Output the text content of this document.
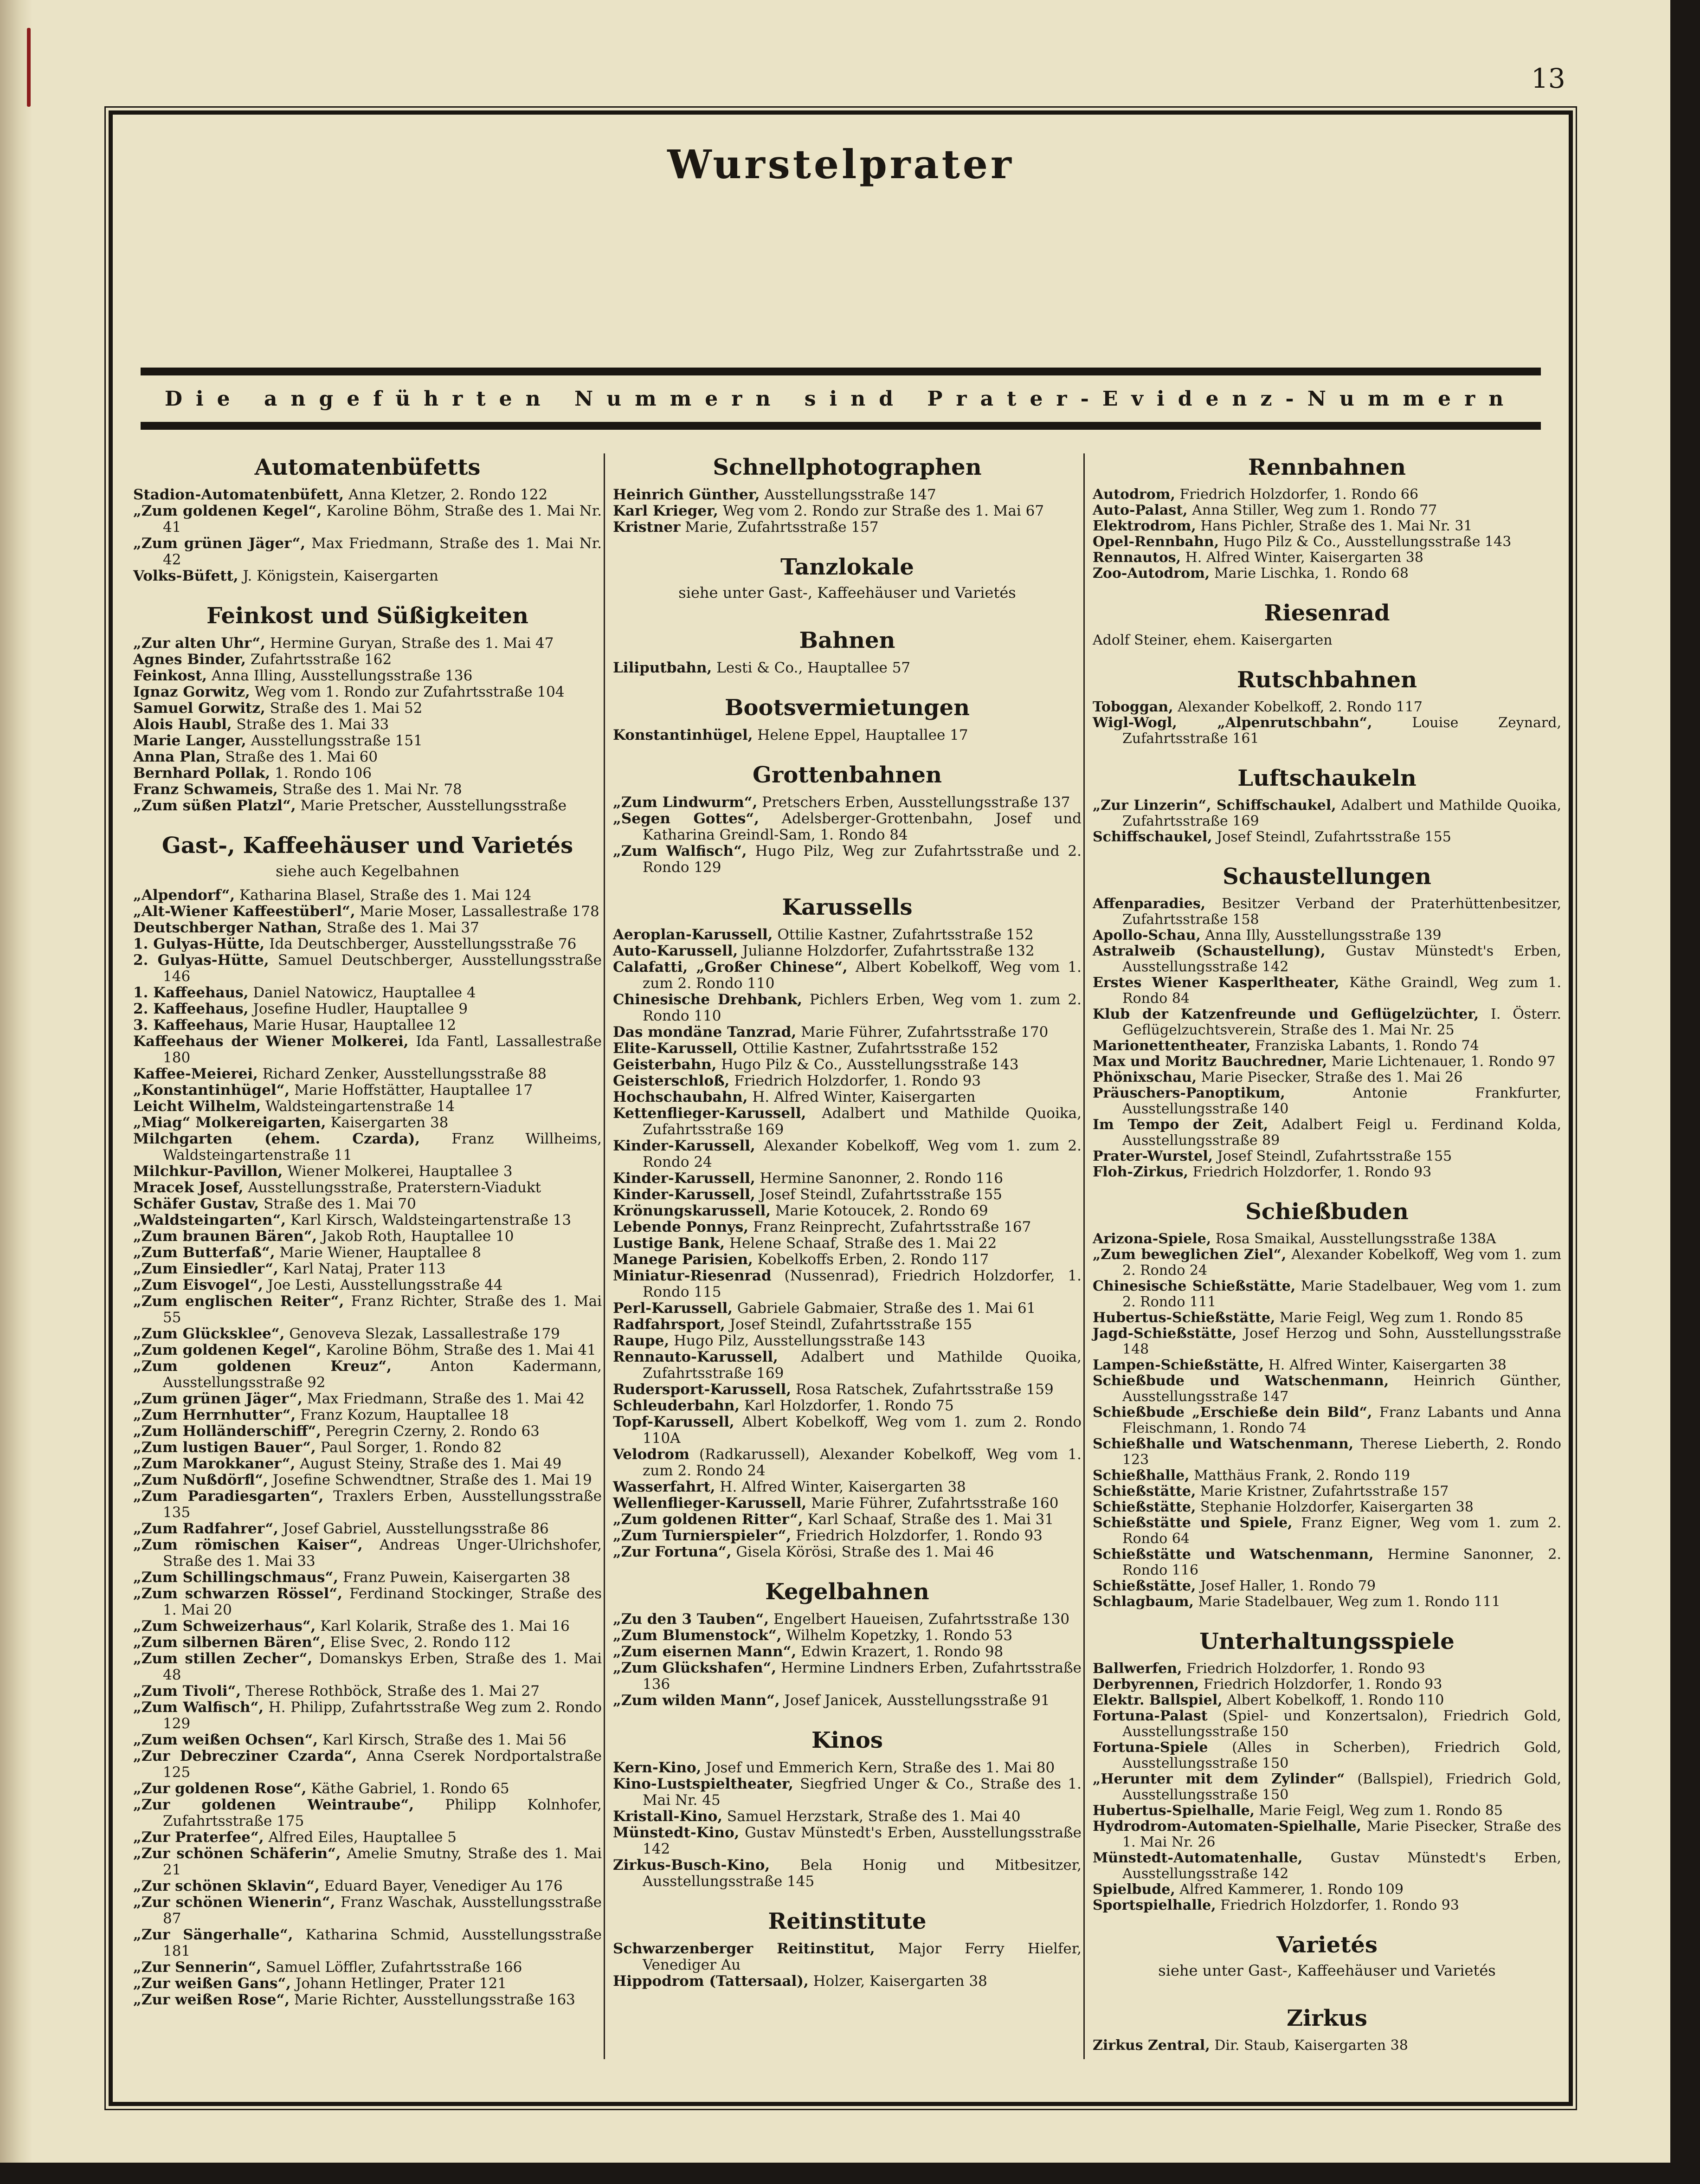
13
Wurstelprater
Die angeführten Nummern sind Prater-Evidenz-Nummern
Automatenbüfetts
Stadion-Automatenbüfett, Anna Kletzer, 2. Rondo 122
„Zum goldenen Kegel“, Karoline Böhm, Straße des 1. Mai Nr. 41
„Zum grünen Jäger“, Max Friedmann, Straße des 1. Mai Nr. 42
Volks-Büfett, J. Königstein, Kaisergarten
Feinkost und Süßigkeiten
„Zur alten Uhr“, Hermine Guryan, Straße des 1. Mai 47
Agnes Binder, Zufahrtsstraße 162
Feinkost, Anna Illing, Ausstellungsstraße 136
Ignaz Gorwitz, Weg vom 1. Rondo zur Zufahrtsstraße 104
Samuel Gorwitz, Straße des 1. Mai 52
Alois Haubl, Straße des 1. Mai 33
Marie Langer, Ausstellungsstraße 151
Anna Plan, Straße des 1. Mai 60
Bernhard Pollak, 1. Rondo 106
Franz Schwameis, Straße des 1. Mai Nr. 78
„Zum süßen Platzl“, Marie Pretscher, Ausstellungsstraße
Gast-, Kaffeehäuser und Varietés
siehe auch Kegelbahnen
„Alpendorf“, Katharina Blasel, Straße des 1. Mai 124
„Alt-Wiener Kaffeestüberl“, Marie Moser, Lassallestraße 178
Deutschberger Nathan, Straße des 1. Mai 37
1. Gulyas-Hütte, Ida Deutschberger, Ausstellungsstraße 76
2. Gulyas-Hütte, Samuel Deutschberger, Ausstellungsstraße 146
1. Kaffeehaus, Daniel Natowicz, Hauptallee 4
2. Kaffeehaus, Josefine Hudler, Hauptallee 9
3. Kaffeehaus, Marie Husar, Hauptallee 12
Kaffeehaus der Wiener Molkerei, Ida Fantl, Lassallestraße 180
Kaffee-Meierei, Richard Zenker, Ausstellungsstraße 88
„Konstantinhügel“, Marie Hoffstätter, Hauptallee 17
Leicht Wilhelm, Waldsteingartenstraße 14
„Miag“ Molkereigarten, Kaisergarten 38
Milchgarten (ehem. Czarda), Franz Willheims, Waldsteingartenstraße 11
Milchkur-Pavillon, Wiener Molkerei, Hauptallee 3
Mracek Josef, Ausstellungsstraße, Praterstern-Viadukt
Schäfer Gustav, Straße des 1. Mai 70
„Waldsteingarten“, Karl Kirsch, Waldsteingartenstraße 13
„Zum braunen Bären“, Jakob Roth, Hauptallee 10
„Zum Butterfaß“, Marie Wiener, Hauptallee 8
„Zum Einsiedler“, Karl Nataj, Prater 113
„Zum Eisvogel“, Joe Lesti, Ausstellungsstraße 44
„Zum englischen Reiter“, Franz Richter, Straße des 1. Mai 55
„Zum Glücksklee“, Genoveva Slezak, Lassallestraße 179
„Zum goldenen Kegel“, Karoline Böhm, Straße des 1. Mai 41
„Zum goldenen Kreuz“, Anton Kadermann, Ausstellungsstraße 92
„Zum grünen Jäger“, Max Friedmann, Straße des 1. Mai 42
„Zum Herrnhutter“, Franz Kozum, Hauptallee 18
„Zum Holländerschiff“, Peregrin Czerny, 2. Rondo 63
„Zum lustigen Bauer“, Paul Sorger, 1. Rondo 82
„Zum Marokkaner“, August Steiny, Straße des 1. Mai 49
„Zum Nußdörfl“, Josefine Schwendtner, Straße des 1. Mai 19
„Zum Paradiesgarten“, Traxlers Erben, Ausstellungsstraße 135
„Zum Radfahrer“, Josef Gabriel, Ausstellungsstraße 86
„Zum römischen Kaiser“, Andreas Unger-Ulrichshofer, Straße des 1. Mai 33
„Zum Schillingschmaus“, Franz Puwein, Kaisergarten 38
„Zum schwarzen Rössel“, Ferdinand Stockinger, Straße des 1. Mai 20
„Zum Schweizerhaus“, Karl Kolarik, Straße des 1. Mai 16
„Zum silbernen Bären“, Elise Svec, 2. Rondo 112
„Zum stillen Zecher“, Domanskys Erben, Straße des 1. Mai 48
„Zum Tivoli“, Therese Rothböck, Straße des 1. Mai 27
„Zum Walfisch“, H. Philipp, Zufahrtsstraße Weg zum 2. Rondo 129
„Zum weißen Ochsen“, Karl Kirsch, Straße des 1. Mai 56
„Zur Debrecziner Czarda“, Anna Cserek Nordportalstraße 125
„Zur goldenen Rose“, Käthe Gabriel, 1. Rondo 65
„Zur goldenen Weintraube“, Philipp Kolnhofer, Zufahrtsstraße 175
„Zur Praterfee“, Alfred Eiles, Hauptallee 5
„Zur schönen Schäferin“, Amelie Smutny, Straße des 1. Mai 21
„Zur schönen Sklavin“, Eduard Bayer, Venediger Au 176
„Zur schönen Wienerin“, Franz Waschak, Ausstellungsstraße 87
„Zur Sängerhalle“, Katharina Schmid, Ausstellungsstraße 181
„Zur Sennerin“, Samuel Löffler, Zufahrtsstraße 166
„Zur weißen Gans“, Johann Hetlinger, Prater 121
„Zur weißen Rose“, Marie Richter, Ausstellungsstraße 163
Schnellphotographen
Heinrich Günther, Ausstellungsstraße 147
Karl Krieger, Weg vom 2. Rondo zur Straße des 1. Mai 67
Kristner Marie, Zufahrtsstraße 157
Tanzlokale
siehe unter Gast-, Kaffeehäuser und Varietés
Bahnen
Liliputbahn, Lesti & Co., Hauptallee 57
Bootsvermietungen
Konstantinhügel, Helene Eppel, Hauptallee 17
Grottenbahnen
„Zum Lindwurm“, Pretschers Erben, Ausstellungsstraße 137
„Segen Gottes“, Adelsberger-Grottenbahn, Josef und Katharina Greindl-Sam, 1. Rondo 84
„Zum Walfisch“, Hugo Pilz, Weg zur Zufahrtsstraße und 2. Rondo 129
Karussells
Aeroplan-Karussell, Ottilie Kastner, Zufahrtsstraße 152
Auto-Karussell, Julianne Holzdorfer, Zufahrtsstraße 132
Calafatti, „Großer Chinese“, Albert Kobelkoff, Weg vom 1. zum 2. Rondo 110
Chinesische Drehbank, Pichlers Erben, Weg vom 1. zum 2. Rondo 110
Das mondäne Tanzrad, Marie Führer, Zufahrtsstraße 170
Elite-Karussell, Ottilie Kastner, Zufahrtsstraße 152
Geisterbahn, Hugo Pilz & Co., Ausstellungsstraße 143
Geisterschloß, Friedrich Holzdorfer, 1. Rondo 93
Hochschaubahn, H. Alfred Winter, Kaisergarten
Kettenflieger-Karussell, Adalbert und Mathilde Quoika, Zufahrtsstraße 169
Kinder-Karussell, Alexander Kobelkoff, Weg vom 1. zum 2. Rondo 24
Kinder-Karussell, Hermine Sanonner, 2. Rondo 116
Kinder-Karussell, Josef Steindl, Zufahrtsstraße 155
Krönungskarussell, Marie Kotoucek, 2. Rondo 69
Lebende Ponnys, Franz Reinprecht, Zufahrtsstraße 167
Lustige Bank, Helene Schaaf, Straße des 1. Mai 22
Manege Parisien, Kobelkoffs Erben, 2. Rondo 117
Miniatur-Riesenrad (Nussenrad), Friedrich Holzdorfer, 1. Rondo 115
Perl-Karussell, Gabriele Gabmaier, Straße des 1. Mai 61
Radfahrsport, Josef Steindl, Zufahrtsstraße 155
Raupe, Hugo Pilz, Ausstellungsstraße 143
Rennauto-Karussell, Adalbert und Mathilde Quoika, Zufahrtsstraße 169
Rudersport-Karussell, Rosa Ratschek, Zufahrtsstraße 159
Schleuderbahn, Karl Holzdorfer, 1. Rondo 75
Topf-Karussell, Albert Kobelkoff, Weg vom 1. zum 2. Rondo 110A
Velodrom (Radkarussell), Alexander Kobelkoff, Weg vom 1. zum 2. Rondo 24
Wasserfahrt, H. Alfred Winter, Kaisergarten 38
Wellenflieger-Karussell, Marie Führer, Zufahrtsstraße 160
„Zum goldenen Ritter“, Karl Schaaf, Straße des 1. Mai 31
„Zum Turnierspieler“, Friedrich Holzdorfer, 1. Rondo 93
„Zur Fortuna“, Gisela Körösi, Straße des 1. Mai 46
Kegelbahnen
„Zu den 3 Tauben“, Engelbert Haueisen, Zufahrtsstraße 130
„Zum Blumenstock“, Wilhelm Kopetzky, 1. Rondo 53
„Zum eisernen Mann“, Edwin Krazert, 1. Rondo 98
„Zum Glückshafen“, Hermine Lindners Erben, Zufahrtsstraße 136
„Zum wilden Mann“, Josef Janicek, Ausstellungsstraße 91
Kinos
Kern-Kino, Josef und Emmerich Kern, Straße des 1. Mai 80
Kino-Lustspieltheater, Siegfried Unger & Co., Straße des 1. Mai Nr. 45
Kristall-Kino, Samuel Herzstark, Straße des 1. Mai 40
Münstedt-Kino, Gustav Münstedt's Erben, Ausstellungsstraße 142
Zirkus-Busch-Kino, Bela Honig und Mitbesitzer, Ausstellungsstraße 145
Reitinstitute
Schwarzenberger Reitinstitut, Major Ferry Hielfer, Venediger Au
Hippodrom (Tattersaal), Holzer, Kaisergarten 38
Rennbahnen
Autodrom, Friedrich Holzdorfer, 1. Rondo 66
Auto-Palast, Anna Stiller, Weg zum 1. Rondo 77
Elektrodrom, Hans Pichler, Straße des 1. Mai Nr. 31
Opel-Rennbahn, Hugo Pilz & Co., Ausstellungsstraße 143
Rennautos, H. Alfred Winter, Kaisergarten 38
Zoo-Autodrom, Marie Lischka, 1. Rondo 68
Riesenrad
Adolf Steiner, ehem. Kaisergarten
Rutschbahnen
Toboggan, Alexander Kobelkoff, 2. Rondo 117
Wigl-Wogl, „Alpenrutschbahn“, Louise Zeynard, Zufahrtsstraße 161
Luftschaukeln
„Zur Linzerin“, Schiffschaukel, Adalbert und Mathilde Quoika, Zufahrtsstraße 169
Schiffschaukel, Josef Steindl, Zufahrtsstraße 155
Schaustellungen
Affenparadies, Besitzer Verband der Praterhüttenbesitzer, Zufahrtsstraße 158
Apollo-Schau, Anna Illy, Ausstellungsstraße 139
Astralweib (Schaustellung), Gustav Münstedt's Erben, Ausstellungsstraße 142
Erstes Wiener Kasperltheater, Käthe Graindl, Weg zum 1. Rondo 84
Klub der Katzenfreunde und Geflügelzüchter, I. Österr. Geflügelzuchtsverein, Straße des 1. Mai Nr. 25
Marionettentheater, Franziska Labants, 1. Rondo 74
Max und Moritz Bauchredner, Marie Lichtenauer, 1. Rondo 97
Phönixschau, Marie Pisecker, Straße des 1. Mai 26
Präuschers-Panoptikum, Antonie Frankfurter, Ausstellungsstraße 140
Im Tempo der Zeit, Adalbert Feigl u. Ferdinand Kolda, Ausstellungsstraße 89
Prater-Wurstel, Josef Steindl, Zufahrtsstraße 155
Floh-Zirkus, Friedrich Holzdorfer, 1. Rondo 93
Schießbuden
Arizona-Spiele, Rosa Smaikal, Ausstellungsstraße 138A
„Zum beweglichen Ziel“, Alexander Kobelkoff, Weg vom 1. zum 2. Rondo 24
Chinesische Schießstätte, Marie Stadelbauer, Weg vom 1. zum 2. Rondo 111
Hubertus-Schießstätte, Marie Feigl, Weg zum 1. Rondo 85
Jagd-Schießstätte, Josef Herzog und Sohn, Ausstellungsstraße 148
Lampen-Schießstätte, H. Alfred Winter, Kaisergarten 38
Schießbude und Watschenmann, Heinrich Günther, Ausstellungsstraße 147
Schießbude „Erschieße dein Bild“, Franz Labants und Anna Fleischmann, 1. Rondo 74
Schießhalle und Watschenmann, Therese Lieberth, 2. Rondo 123
Schießhalle, Matthäus Frank, 2. Rondo 119
Schießstätte, Marie Kristner, Zufahrtsstraße 157
Schießstätte, Stephanie Holzdorfer, Kaisergarten 38
Schießstätte und Spiele, Franz Eigner, Weg vom 1. zum 2. Rondo 64
Schießstätte und Watschenmann, Hermine Sanonner, 2. Rondo 116
Schießstätte, Josef Haller, 1. Rondo 79
Schlagbaum, Marie Stadelbauer, Weg zum 1. Rondo 111
Unterhaltungsspiele
Ballwerfen, Friedrich Holzdorfer, 1. Rondo 93
Derbyrennen, Friedrich Holzdorfer, 1. Rondo 93
Elektr. Ballspiel, Albert Kobelkoff, 1. Rondo 110
Fortuna-Palast (Spiel- und Konzertsalon), Friedrich Gold, Ausstellungsstraße 150
Fortuna-Spiele (Alles in Scherben), Friedrich Gold, Ausstellungsstraße 150
„Herunter mit dem Zylinder“ (Ballspiel), Friedrich Gold, Ausstellungsstraße 150
Hubertus-Spielhalle, Marie Feigl, Weg zum 1. Rondo 85
Hydrodrom-Automaten-Spielhalle, Marie Pisecker, Straße des 1. Mai Nr. 26
Münstedt-Automatenhalle, Gustav Münstedt's Erben, Ausstellungsstraße 142
Spielbude, Alfred Kammerer, 1. Rondo 109
Sportspielhalle, Friedrich Holzdorfer, 1. Rondo 93
Varietés
siehe unter Gast-, Kaffeehäuser und Varietés
Zirkus
Zirkus Zentral, Dir. Staub, Kaisergarten 38
